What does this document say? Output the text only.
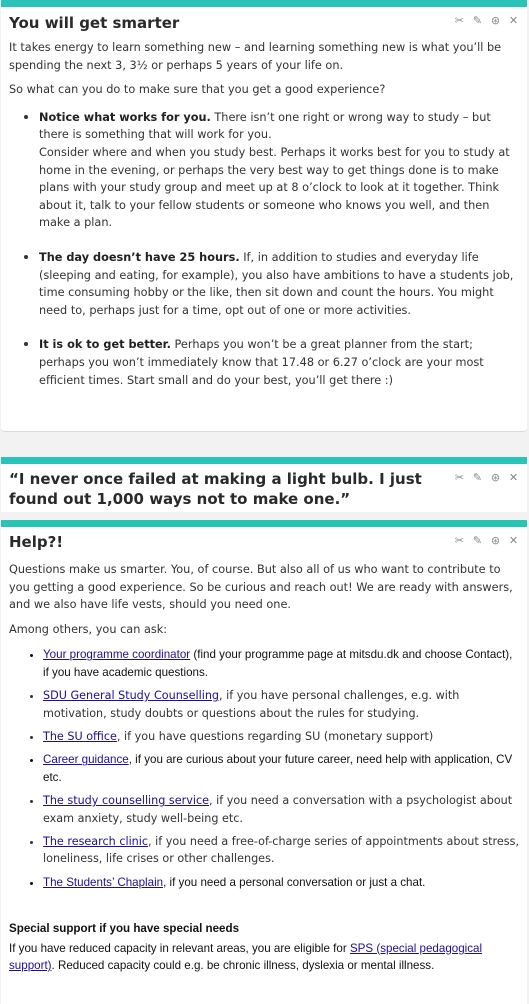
You will get smarter	✂ ✎ ⊛ ✕

It takes energy to learn something new – and learning something new is what you’ll be spending the next 3, 3½ or perhaps 5 years of your life on.

So what can you do to make sure that you get a good experience?

• Notice what works for you. There isn’t one right or wrong way to study – but there is something that will work for you.
Consider where and when you study best. Perhaps it works best for you to study at home in the evening, or perhaps the very best way to get things done is to make plans with your study group and meet up at 8 o’clock to look at it together. Think about it, talk to your fellow students or someone who knows you well, and then make a plan.
• The day doesn’t have 25 hours. If, in addition to studies and everyday life (sleeping and eating, for example), you also have ambitions to have a students job, time consuming hobby or the like, then sit down and count the hours. You might need to, perhaps just for a time, opt out of one or more activities.
• It is ok to get better. Perhaps you won’t be a great planner from the start; perhaps you won’t immediately know that 17.48 or 6.27 o’clock are your most efficient times. Start small and do your best, you’ll get there :)
“I never once failed at making a light bulb. I just found out 1,000 ways not to make one.”
✂ ✎ ⊛ ✕
Help?!	✂ ✎ ⊛ ✕

Questions make us smarter. You, of course. But also all of us who want to contribute to you getting a good experience. So be curious and reach out! We are ready with answers, and we also have life vests, should you need one.

Among others, you can ask:

• Your programme coordinator (find your programme page at mitsdu.dk and choose Contact), if you have academic questions.
• SDU General Study Counselling, if you have personal challenges, e.g. with motivation, study doubts or questions about the rules for studying.
• The SU office, if you have questions regarding SU (monetary support)
• Career guidance, if you are curious about your future career, need help with application, CV etc.
• The study counselling service, if you need a conversation with a psychologist about exam anxiety, study well-being etc.
• The research clinic, if you need a free-of-charge series of appointments about stress, loneliness, life crises or other challenges.
• The Students’ Chaplain, if you need a personal conversation or just a chat.
Special support if you have special needs

If you have reduced capacity in relevant areas, you are eligible for SPS (special pedagogical support). Reduced capacity could e.g. be chronic illness, dyslexia or mental illness.
